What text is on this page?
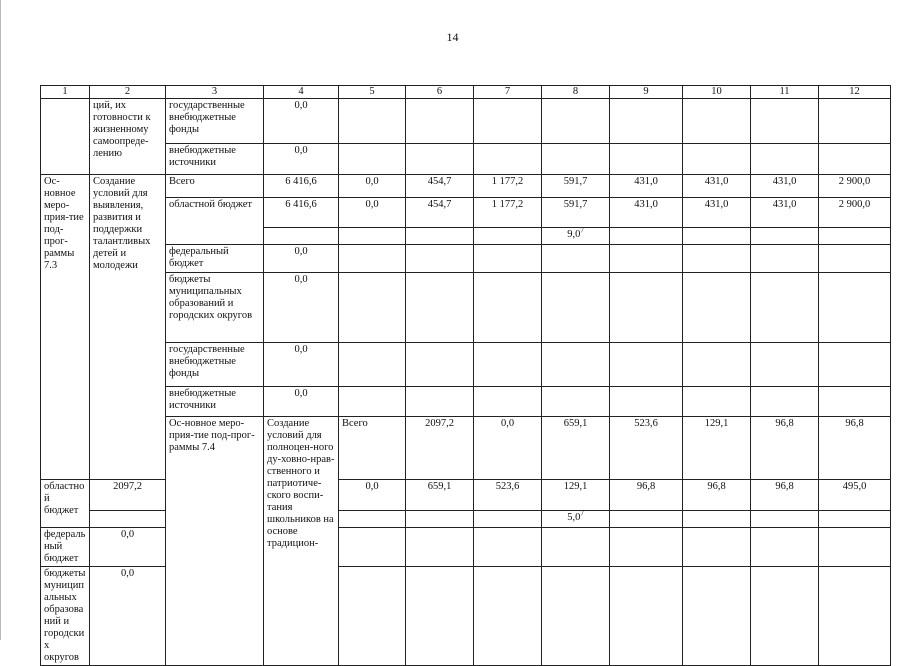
14
1	2	3	4	5	6	7	8	9	10	11	12	
	ций, их готовности к жизненному самоопреде-лению	государственные внебюджетные фонды	0,0									
		внебюджетные источники	0,0									
Ос-новное меро-прия-тие под-прог-раммы 7.3	Создание условий для выявления, развития и поддержки талантливых детей и молодежи	Всего	6 416,6	0,0	454,7	1 177,2	591,7	431,0	431,0	431,0	2 900,0	
		областной бюджет	6 416,6	0,0	454,7	1 177,2	591,7	431,0	431,0	431,0	2 900,0	
							$9,0^7$				
		федеральный бюджет	0,0									
		бюджеты муниципальных образований и городских округов	0,0									
		государственные внебюджетные фонды	0,0									
		внебюджетные источники	0,0									
		Ос-новное меро-прия-тие под-прог-раммы 7.4	Создание условий для полноцен-ного ду-ховно-нрав-ственного и патриотиче-ского воспи-тания школьников на основе традицион-	Всего	2097,2	0,0	659,1	523,6	129,1	96,8	96,8		
областной бюджет	2097,2			0,0	659,1	523,6	129,1	96,8	96,8	96,8	495,0	
							$5,0^7$				
федеральный бюджет	0,0											
бюджеты муниципальных образований и городских округов	0,0											
